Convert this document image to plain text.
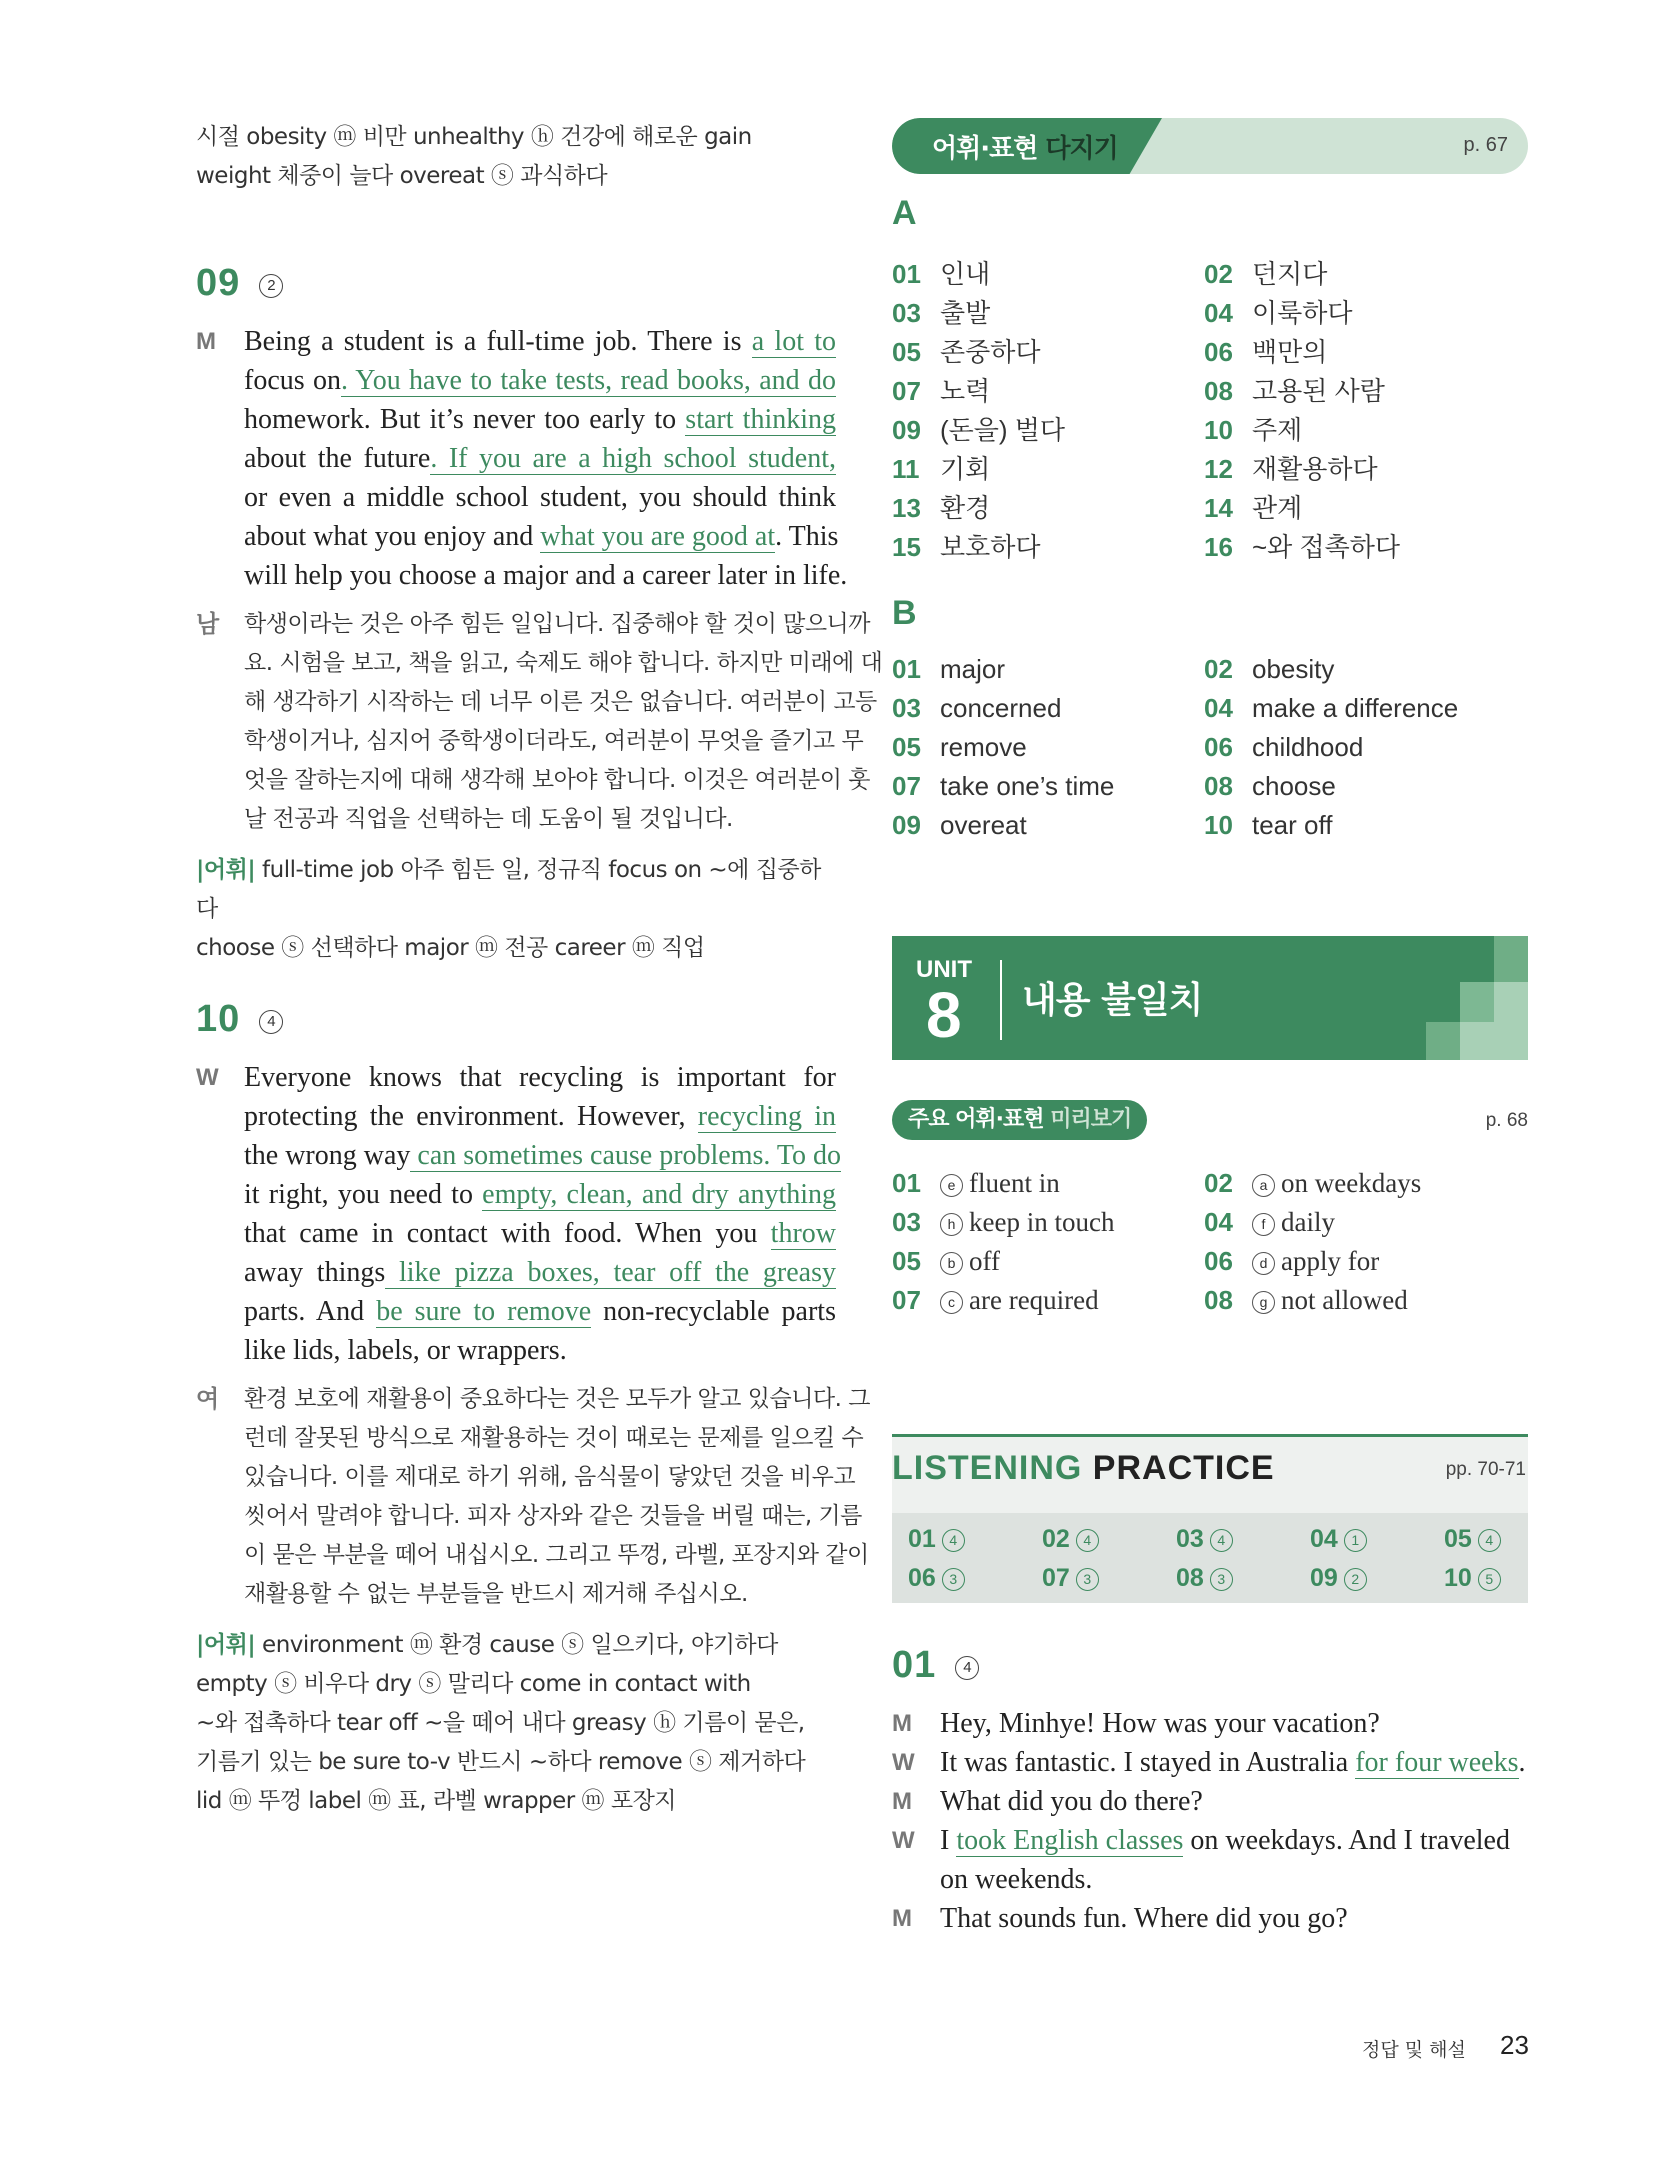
시절 obesity ⓜ 비만 unhealthy ⓗ 건강에 해로운 gain
weight 체중이 늘다 overeat ⓢ 과식하다
09 2
M Being a student is a full-time job. There is a lot to
focus on. You have to take tests, read books, and do
homework. But it’s never too early to start thinking
about the future. If you are a high school student,
or even a middle school student, you should think
about what you enjoy and what you are good at. This
will help you choose a major and a career later in life.
남 학생이라는 것은 아주 힘든 일입니다. 집중해야 할 것이 많으니까
요. 시험을 보고, 책을 읽고, 숙제도 해야 합니다. 하지만 미래에 대
해 생각하기 시작하는 데 너무 이른 것은 없습니다. 여러분이 고등
학생이거나, 심지어 중학생이더라도, 여러분이 무엇을 즐기고 무
엇을 잘하는지에 대해 생각해 보아야 합니다. 이것은 여러분이 훗
날 전공과 직업을 선택하는 데 도움이 될 것입니다.
|어휘| full-time job 아주 힘든 일, 정규직 focus on ~에 집중하다
choose ⓢ 선택하다 major ⓜ 전공 career ⓜ 직업
10 4
W Everyone knows that recycling is important for
protecting the environment. However, recycling in
the wrong way can sometimes cause problems. To do
it right, you need to empty, clean, and dry anything
that came in contact with food. When you throw
away things like pizza boxes, tear off the greasy
parts. And be sure to remove non-recyclable parts
like lids, labels, or wrappers.
여 환경 보호에 재활용이 중요하다는 것은 모두가 알고 있습니다. 그
런데 잘못된 방식으로 재활용하는 것이 때로는 문제를 일으킬 수
있습니다. 이를 제대로 하기 위해, 음식물이 닿았던 것을 비우고
씻어서 말려야 합니다. 피자 상자와 같은 것들을 버릴 때는, 기름
이 묻은 부분을 떼어 내십시오. 그리고 뚜껑, 라벨, 포장지와 같이
재활용할 수 없는 부분들을 반드시 제거해 주십시오.
|어휘| environment ⓜ 환경 cause ⓢ 일으키다, 야기하다
empty ⓢ 비우다 dry ⓢ 말리다 come in contact with
~와 접촉하다 tear off ~을 떼어 내다 greasy ⓗ 기름이 묻은,
기름기 있는 be sure to-v 반드시 ~하다 remove ⓢ 제거하다
lid ⓜ 뚜껑 label ⓜ 표, 라벨 wrapper ⓜ 포장지
어휘·표현 다지기	p. 67
A
01 인내	02 던지다
03 출발	04 이룩하다
05 존중하다	06 백만의
07 노력	08 고용된 사람
09 (돈을) 벌다	10 주제
11 기회	12 재활용하다
13 환경	14 관계
15 보호하다	16 ~와 접촉하다
B
01 major	02 obesity
03 concerned	04 make a difference
05 remove	06 childhood
07 take one’s time	08 choose
09 overeat	10 tear off
UNIT
8 내용 불일치
주요 어휘·표현 미리보기	p. 68
01 e fluent in	02 a on weekdays
03 h keep in touch	04 f daily
05 b off	06 d apply for
07 c are required	08 g not allowed
LISTENING PRACTICE	pp. 70-71
01 4	02 4	03 4	04 1	05 4
06 3	07 3	08 3	09 2	10 5
01 4
M Hey, Minhye! How was your vacation?
W It was fantastic. I stayed in Australia for four weeks.
M What did you do there?
W I took English classes on weekdays. And I traveled
on weekends.
M That sounds fun. Where did you go?
정답 및 해설 23
